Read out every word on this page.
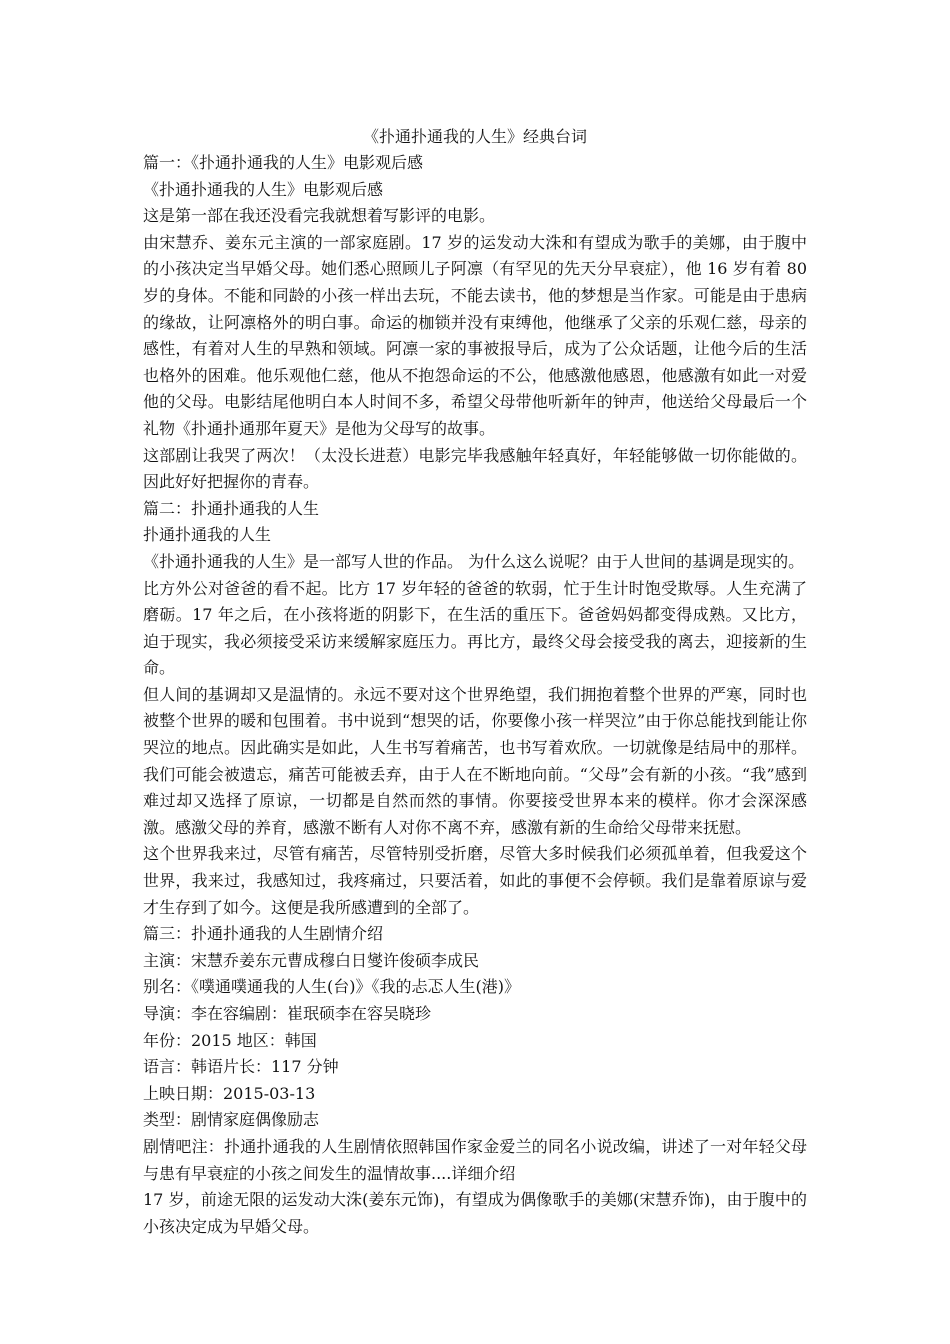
《扑通扑通我的人生》经典台词

篇一：《扑通扑通我的人生》电影观后感

《扑通扑通我的人生》电影观后感

这是第一部在我还没看完我就想着写影评的电影。

由宋慧乔、姜东元主演的一部家庭剧。17 岁的运发动大洙和有望成为歌手的美娜，由于腹中的小孩决定当早婚父母。她们悉心照顾儿子阿凛（有罕见的先天分早衰症），他 16 岁有着 80 岁的身体。不能和同龄的小孩一样出去玩，不能去读书，他的梦想是当作家。可能是由于患病的缘故，让阿凛格外的明白事。命运的枷锁并没有束缚他，他继承了父亲的乐观仁慈，母亲的感性，有着对人生的早熟和领域。阿凛一家的事被报导后，成为了公众话题，让他今后的生活也格外的困难。他乐观他仁慈，他从不抱怨命运的不公，他感激他感恩，他感激有如此一对爱他的父母。电影结尾他明白本人时间不多，希望父母带他听新年的钟声，他送给父母最后一个礼物《扑通扑通那年夏天》是他为父母写的故事。

这部剧让我哭了两次！（太没长进惹）电影完毕我感触年轻真好，年轻能够做一切你能做的。因此好好把握你的青春。

篇二：扑通扑通我的人生

扑通扑通我的人生

《扑通扑通我的人生》是一部写人世的作品。 为什么这么说呢？由于人世间的基调是现实的。

比方外公对爸爸的看不起。比方 17 岁年轻的爸爸的软弱，忙于生计时饱受欺辱。人生充满了磨砺。17 年之后，在小孩将逝的阴影下，在生活的重压下。爸爸妈妈都变得成熟。又比方，迫于现实，我必须接受采访来缓解家庭压力。再比方，最终父母会接受我的离去，迎接新的生命。

但人间的基调却又是温情的。永远不要对这个世界绝望，我们拥抱着整个世界的严寒，同时也被整个世界的暖和包围着。书中说到“想哭的话，你要像小孩一样哭泣”由于你总能找到能让你哭泣的地点。因此确实是如此，人生书写着痛苦，也书写着欢欣。一切就像是结局中的那样。我们可能会被遗忘，痛苦可能被丢弃，由于人在不断地向前。“父母”会有新的小孩。“我”感到难过却又选择了原谅，一切都是自然而然的事情。你要接受世界本来的模样。你才会深深感激。感激父母的养育，感激不断有人对你不离不弃，感激有新的生命给父母带来抚慰。

这个世界我来过，尽管有痛苦，尽管特别受折磨，尽管大多时候我们必须孤单着，但我爱这个世界，我来过，我感知过，我疼痛过，只要活着，如此的事便不会停顿。我们是靠着原谅与爱才生存到了如今。这便是我所感遭到的全部了。

篇三：扑通扑通我的人生剧情介绍

主演：宋慧乔姜东元曹成穆白日燮许俊硕李成民

别名：《噗通噗通我的人生(台)》《我的忐忑人生(港)》

导演：李在容编剧：崔珉硕李在容吴晓珍

年份：2015 地区：韩国

语言：韩语片长：117 分钟

上映日期：2015-03-13

类型：剧情家庭偶像励志

剧情吧注：扑通扑通我的人生剧情依照韩国作家金爱兰的同名小说改编，讲述了一对年轻父母与患有早衰症的小孩之间发生的温情故事....详细介绍

17 岁，前途无限的运发动大洙(姜东元饰)，有望成为偶像歌手的美娜(宋慧乔饰)，由于腹中的小孩决定成为早婚父母。
